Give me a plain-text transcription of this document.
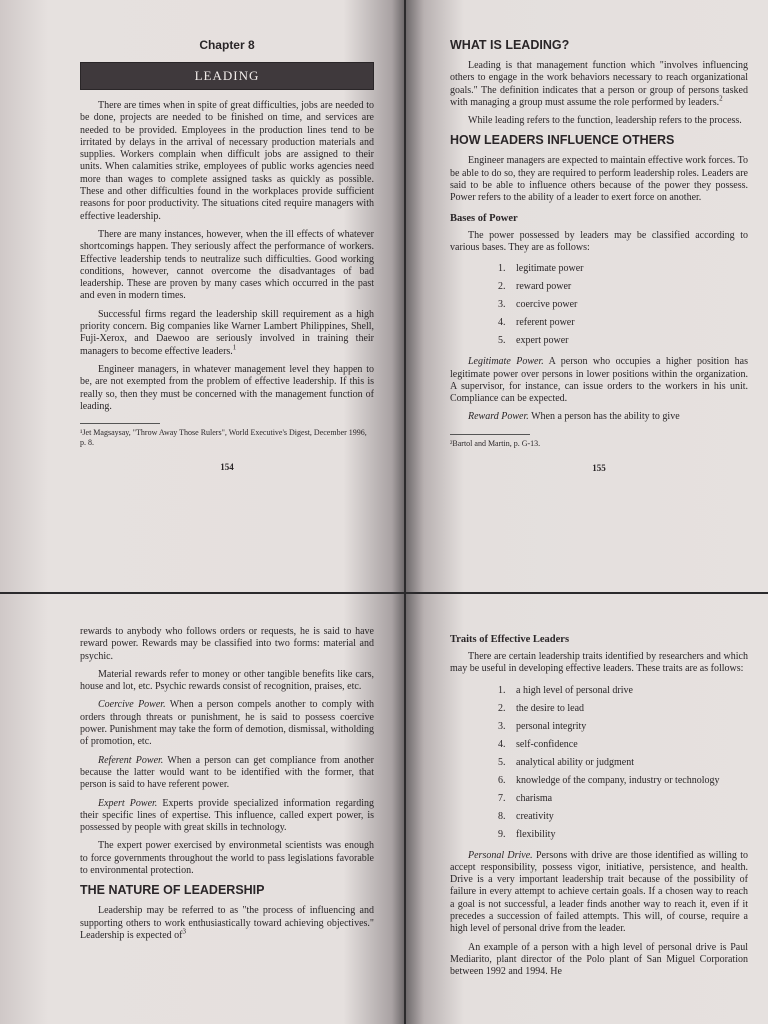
Chapter 8
LEADING

There are times when in spite of great difficulties, jobs are needed to be done, projects are needed to be finished on time, and services are needed to be provided. Employees in the production lines tend to be irritated by delays in the arrival of necessary production materials and supplies. Workers complain when difficult jobs are assigned to their units. When calamities strike, employees of public works agencies need more than wages to complete assigned tasks as quickly as possible. These and other difficulties found in the workplaces provide sufficient reasons for poor productivity. The situations cited require managers with effective leadership.

There are many instances, however, when the ill effects of whatever shortcomings happen. They seriously affect the performance of workers. Effective leadership tends to neutralize such difficulties. Good working conditions, however, cannot overcome the disadvantages of bad leadership. These are proven by many cases which occurred in the past and even in modern times.

Successful firms regard the leadership skill requirement as a high priority concern. Big companies like Warner Lambert Philippines, Shell, Fuji-Xerox, and Daewoo are seriously involved in training their managers to become effective leaders.$^1$

Engineer managers, in whatever management level they happen to be, are not exempted from the problem of effective leadership. If this is really so, then they must be concerned with the management function of leading.

¹Jet Magsaysay, "Throw Away Those Rulers", World Executive's Digest, December 1996, p. 8.

154
WHAT IS LEADING?

Leading is that management function which "involves influencing others to engage in the work behaviors necessary to reach organizational goals." The definition indicates that a person or group of persons tasked with managing a group must assume the role performed by leaders.$^2$

While leading refers to the function, leadership refers to the process.

HOW LEADERS INFLUENCE OTHERS

Engineer managers are expected to maintain effective work forces. To be able to do so, they are required to perform leadership roles. Leaders are said to be able to influence others because of the power they possess. Power refers to the ability of a leader to exert force on another.

Bases of Power

The power possessed by leaders may be classified according to various bases. They are as follows:

1. legitimate power
2. reward power
3. coercive power
4. referent power
5. expert power

Legitimate Power. A person who occupies a higher position has legitimate power over persons in lower positions within the organization. A supervisor, for instance, can issue orders to the workers in his unit. Compliance can be expected.

Reward Power. When a person has the ability to give

²Bartol and Martin, p. G-13.

155

rewards to anybody who follows orders or requests, he is said to have reward power. Rewards may be classified into two forms: material and psychic.

Material rewards refer to money or other tangible benefits like cars, house and lot, etc. Psychic rewards consist of recognition, praises, etc.

Coercive Power. When a person compels another to comply with orders through threats or punishment, he is said to possess coercive power. Punishment may take the form of demotion, dismissal, witholding of promotion, etc.

Referent Power. When a person can get compliance from another because the latter would want to be identified with the former, that person is said to have referent power.

Expert Power. Experts provide specialized information regarding their specific lines of expertise. This influence, called expert power, is possessed by people with great skills in technology.

The expert power exercised by environmetal scientists was enough to force governments throughout the world to pass legislations favorable to environmental protection.

THE NATURE OF LEADERSHIP

Leadership may be referred to as "the process of influencing and supporting others to work enthusiastically toward achieving objectives." Leadership is expected $of^3$

Traits of Effective Leaders

There are certain leadership traits identified by researchers and which may be useful in developing effective leaders. These traits are as follows:

1. a high level of personal drive
2. the desire to lead
3. personal integrity
4. self-confidence
5. analytical ability or judgment
6. knowledge of the company, industry or technology
7. charisma
8. creativity
9. flexibility

Personal Drive. Persons with drive are those identified as willing to accept responsibility, possess vigor, initiative, persistence, and health. Drive is a very important leadership trait because of the possibility of failure in every attempt to achieve certain goals. If a chosen way to reach a goal is not successful, a leader finds another way to reach it, even if it precedes a succession of failed attempts. This will, of course, require a high level of personal drive from the leader.

An example of a person with a high level of personal drive is Paul Mediarito, plant director of the Polo plant of San Miguel Corporation between 1992 and 1994. He
